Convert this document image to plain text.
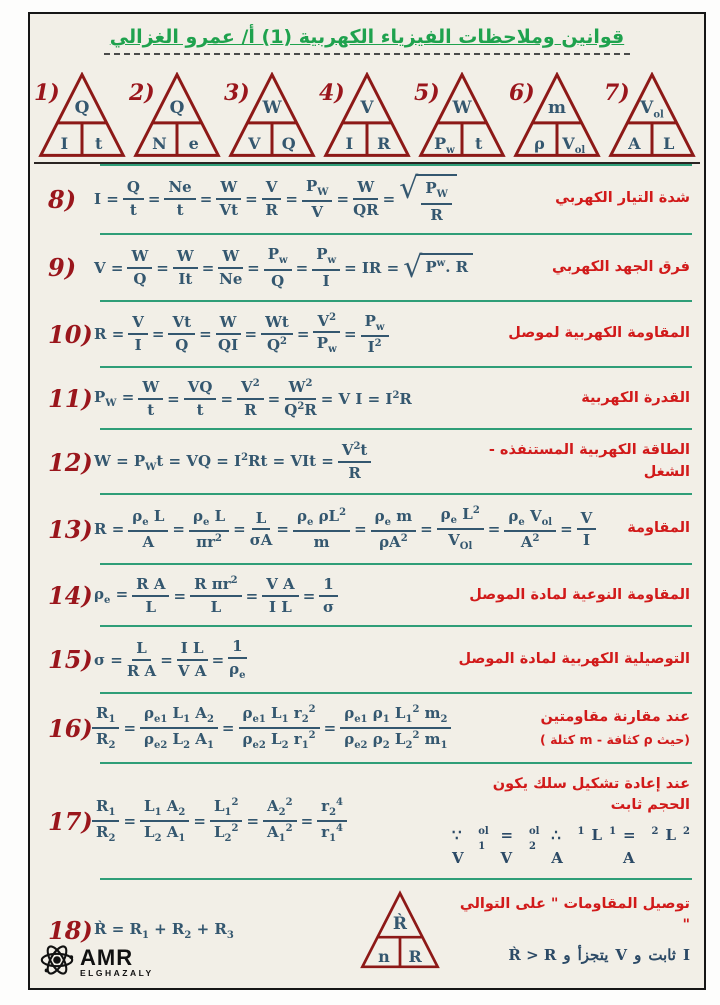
قوانين وملاحظات الفيزياء الكهربية (1) أ/ عمرو الغزالي
1)
Q
I t
2)
Q
N e
3)
W
V Q
4)
V
I R
5)
W
$P_w$ t
6)
m
ρ $V_{ol}$
7)
$V_{ol}$
A L
8)	$I = \frac{Q}{t} = \frac{Ne}{t} = \frac{W}{Vt} = \frac{V}{R} = \frac{P_W}{V} = \frac{W}{QR}$ = √ $\frac{P_W}{R}$	شدة التيار الكهربي
9)	$V = \frac{W}{Q} = \frac{W}{It} = \frac{W}{Ne} = \frac{P_w}{Q} = \frac{P_w}{I}$ = IR = √ P w . R	فرق الجهد الكهربي
10) $R = \frac{V}{I} = \frac{Vt}{Q} = \frac{W}{QI} = \frac{Wt}{Q^2} = \frac{V^2}{P_w} = \frac{P_w}{I^2}$	المقاومة الكهربية لموصل
11) $P_W = \frac{W}{t} = \frac{VQ}{t} = \frac{V^2}{R} = \frac{W^2}{Q^2R} = V$ $I = I^2R$	القدرة الكهربية
12) $W = P_Wt$ = VQ = $I^2Rt$ = VIt = $\frac{V^2t}{R}$	الطاقة الكهربية المستنفذه - الشغل
13) $R = \frac{\rho_e L}{A} = \frac{\rho_e L}{\pi r^2} = \frac{L}{\sigma A} = \frac{\rho_e \rho L^2}{m} = \frac{\rho_e m}{\rho A^2} = \frac{\rho_e L^2}{V_{Ol}} = \frac{\rho_e V_{ol}}{A^2} = \frac{V}{I}$ المقاومة
14) $\rho_e = \frac{\text{R A}}{L} = \frac{R \pi r^2}{L} = \frac{\text{V A}}{\text{I L}} = \frac{1}{\sigma}$	المقاومة النوعية لمادة الموصل
15) $\sigma = \frac{L}{\text{R A}} = \frac{\text{I L}}{\text{V A}} = \frac{1}{\rho_e}$	التوصيلية الكهربية لمادة الموصل
$16) \frac{R_1}{R_2} = \frac{\rho_{e1} L_1 A_2}{\rho_{e2} L_2 A_1} = \frac{\rho_{e1} L_1 r_2^2}{\rho_{e2} L_2 r_1^2} = \frac{\rho_{e1} \rho_1 L_1^2 m_2}{\rho_{e2} \rho_2 L_2^2 m_1}$	عند مقارنة مقاومتين
(حيث ρ كثافة - m كتلة )
$17) \frac{R_1}{R_2} = \frac{L_1 A_2}{L_2 A_1} = \frac{L_1^2}{L_2^2} = \frac{A_2^2}{A_1^2} = \frac{r_2^4}{r_1^4}$
عند إعادة تشكيل سلك يكون الحجم ثابت
∵ V
ol 1
= V
ol 2
∴ A
1 L 1 = A
2 L 2
18) R̀ = $R_1 + R_2 + R_3$
R̀
n R
توصيل المقاومات " على التوالي "
R̀ > R و يتجزأ V و ثابت I
AMR
ELGHAZALY
